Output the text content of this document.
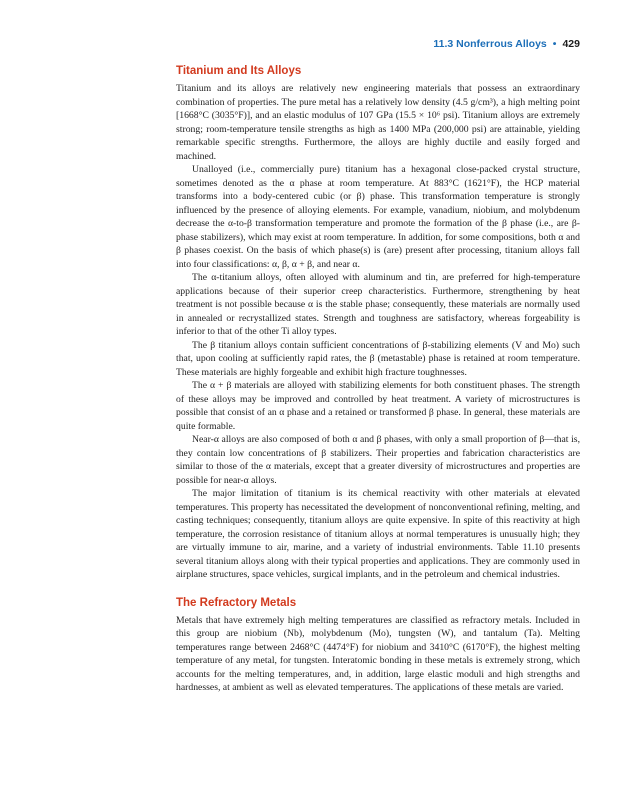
11.3 Nonferrous Alloys • 429
Titanium and Its Alloys

Titanium and its alloys are relatively new engineering materials that possess an extraordinary combination of properties. The pure metal has a relatively low density (4.5 g/cm³), a high melting point [1668°C (3035°F)], and an elastic modulus of 107 GPa (15.5 × 10⁶ psi). Titanium alloys are extremely strong; room-temperature tensile strengths as high as 1400 MPa (200,000 psi) are attainable, yielding remarkable specific strengths. Furthermore, the alloys are highly ductile and easily forged and machined.

Unalloyed (i.e., commercially pure) titanium has a hexagonal close-packed crystal structure, sometimes denoted as the α phase at room temperature. At 883°C (1621°F), the HCP material transforms into a body-centered cubic (or β) phase. This transformation temperature is strongly influenced by the presence of alloying elements. For example, vanadium, niobium, and molybdenum decrease the α-to-β transformation temperature and promote the formation of the β phase (i.e., are β-phase stabilizers), which may exist at room temperature. In addition, for some compositions, both α and β phases coexist. On the basis of which phase(s) is (are) present after processing, titanium alloys fall into four classifications: α, β, α + β, and near α.

The α-titanium alloys, often alloyed with aluminum and tin, are preferred for high-temperature applications because of their superior creep characteristics. Furthermore, strengthening by heat treatment is not possible because α is the stable phase; consequently, these materials are normally used in annealed or recrystallized states. Strength and toughness are satisfactory, whereas forgeability is inferior to that of the other Ti alloy types.

The β titanium alloys contain sufficient concentrations of β-stabilizing elements (V and Mo) such that, upon cooling at sufficiently rapid rates, the β (metastable) phase is retained at room temperature. These materials are highly forgeable and exhibit high fracture toughnesses.

The α + β materials are alloyed with stabilizing elements for both constituent phases. The strength of these alloys may be improved and controlled by heat treatment. A variety of microstructures is possible that consist of an α phase and a retained or transformed β phase. In general, these materials are quite formable.

Near-α alloys are also composed of both α and β phases, with only a small proportion of β—that is, they contain low concentrations of β stabilizers. Their properties and fabrication characteristics are similar to those of the α materials, except that a greater diversity of microstructures and properties are possible for near-α alloys.

The major limitation of titanium is its chemical reactivity with other materials at elevated temperatures. This property has necessitated the development of nonconventional refining, melting, and casting techniques; consequently, titanium alloys are quite expensive. In spite of this reactivity at high temperature, the corrosion resistance of titanium alloys at normal temperatures is unusually high; they are virtually immune to air, marine, and a variety of industrial environments. Table 11.10 presents several titanium alloys along with their typical properties and applications. They are commonly used in airplane structures, space vehicles, surgical implants, and in the petroleum and chemical industries.

The Refractory Metals

Metals that have extremely high melting temperatures are classified as refractory metals. Included in this group are niobium (Nb), molybdenum (Mo), tungsten (W), and tantalum (Ta). Melting temperatures range between 2468°C (4474°F) for niobium and 3410°C (6170°F), the highest melting temperature of any metal, for tungsten. Interatomic bonding in these metals is extremely strong, which accounts for the melting temperatures, and, in addition, large elastic moduli and high strengths and hardnesses, at ambient as well as elevated temperatures. The applications of these metals are varied.
